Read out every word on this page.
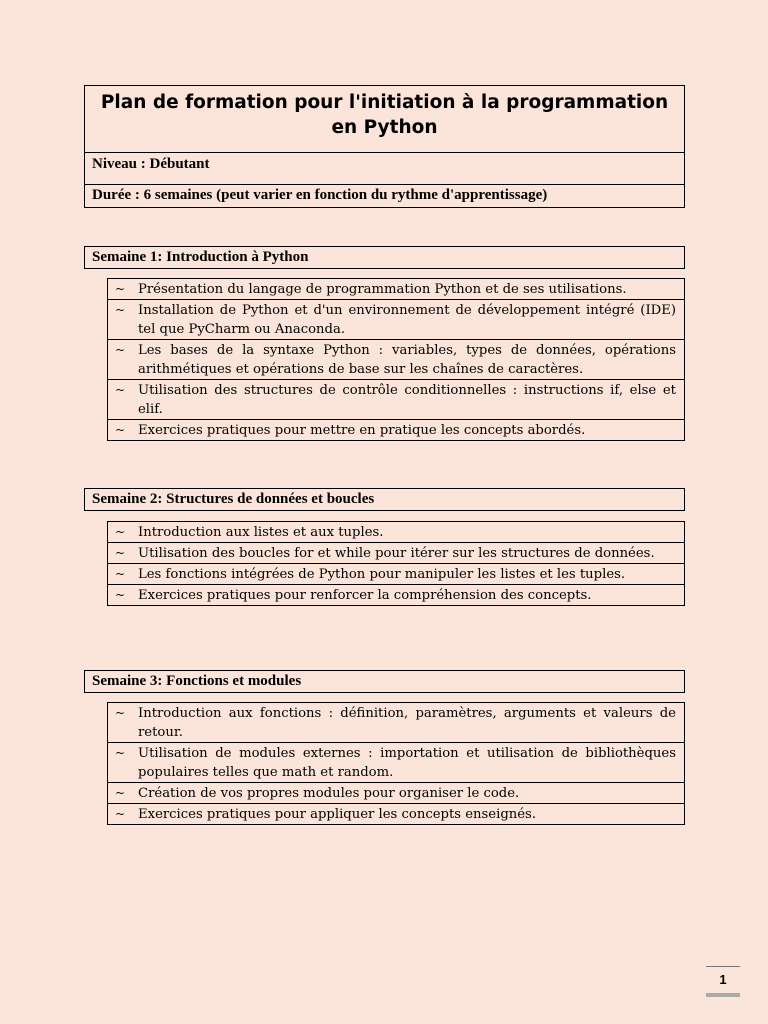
Plan de formation pour l'initiation à la programmation en Python
Niveau : Débutant
Durée : 6 semaines (peut varier en fonction du rythme d'apprentissage)
Semaine 1: Introduction à Python
~ Présentation du langage de programmation Python et de ses utilisations.
~ Installation de Python et d'un environnement de développement intégré (IDE) tel que PyCharm ou Anaconda.
~ Les bases de la syntaxe Python : variables, types de données, opérations arithmétiques et opérations de base sur les chaînes de caractères.
~ Utilisation des structures de contrôle conditionnelles : instructions if, else et elif.
~ Exercices pratiques pour mettre en pratique les concepts abordés.
Semaine 2: Structures de données et boucles
~ Introduction aux listes et aux tuples.
~ Utilisation des boucles for et while pour itérer sur les structures de données.
~ Les fonctions intégrées de Python pour manipuler les listes et les tuples.
~ Exercices pratiques pour renforcer la compréhension des concepts.
Semaine 3: Fonctions et modules
~ Introduction aux fonctions : définition, paramètres, arguments et valeurs de retour.
~ Utilisation de modules externes : importation et utilisation de bibliothèques populaires telles que math et random.
~ Création de vos propres modules pour organiser le code.
~ Exercices pratiques pour appliquer les concepts enseignés.
1
